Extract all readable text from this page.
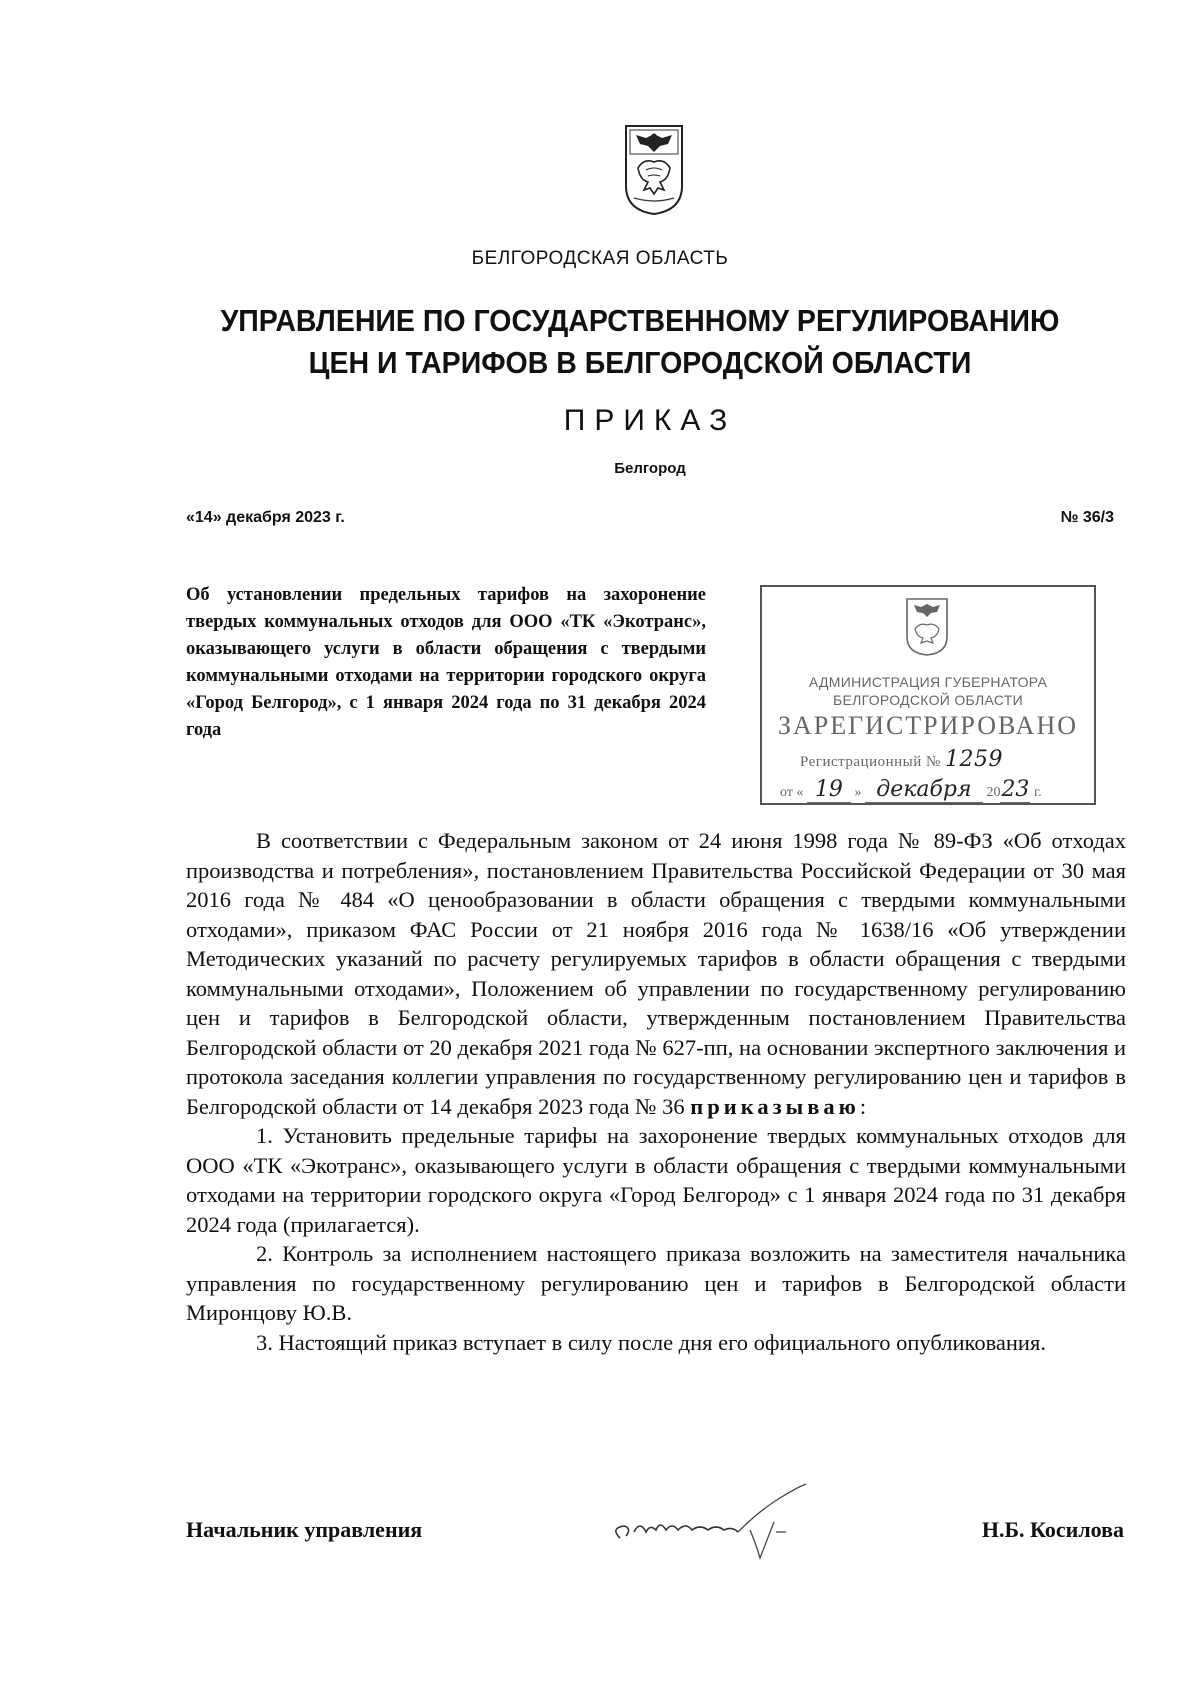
БЕЛГОРОДСКАЯ ОБЛАСТЬ
УПРАВЛЕНИЕ ПО ГОСУДАРСТВЕННОМУ РЕГУЛИРОВАНИЮ
ЦЕН И ТАРИФОВ В БЕЛГОРОДСКОЙ ОБЛАСТИ
ПРИКАЗ
Белгород
«14» декабря 2023 г.	№ 36/3
Об установлении предельных тарифов на захоронение твердых коммунальных отходов для ООО «ТК «Экотранс», оказывающего услуги в области обращения с твердыми коммунальными отходами на территории городского округа «Город Белгород», с 1 января 2024 года по 31 декабря 2024 года
АДМИНИСТРАЦИЯ ГУБЕРНАТОРА
БЕЛГОРОДСКОЙ ОБЛАСТИ
ЗАРЕГИСТРИРОВАНО
Регистрационный № 1259
от « 19 » декабря 2023 г.

В соответствии с Федеральным законом от 24 июня 1998 года № 89-ФЗ «Об отходах производства и потребления», постановлением Правительства Российской Федерации от 30 мая 2016 года № 484 «О ценообразовании в области обращения с твердыми коммунальными отходами», приказом ФАС России от 21 ноября 2016 года № 1638/16 «Об утверждении Методических указаний по расчету регулируемых тарифов в области обращения с твердыми коммунальными отходами», Положением об управлении по государственному регулированию цен и тарифов в Белгородской области, утвержденным постановлением Правительства Белгородской области от 20 декабря 2021 года № 627-пп, на основании экспертного заключения и протокола заседания коллегии управления по государственному регулированию цен и тарифов в Белгородской области от 14 декабря 2023 года № 36 приказываю:

1. Установить предельные тарифы на захоронение твердых коммунальных отходов для ООО «ТК «Экотранс», оказывающего услуги в области обращения с твердыми коммунальными отходами на территории городского округа «Город Белгород» с 1 января 2024 года по 31 декабря 2024 года (прилагается).

2. Контроль за исполнением настоящего приказа возложить на заместителя начальника управления по государственному регулированию цен и тарифов в Белгородской области Миронцову Ю.В.

3. Настоящий приказ вступает в силу после дня его официального опубликования.

Начальник управления	Н.Б. Косилова
